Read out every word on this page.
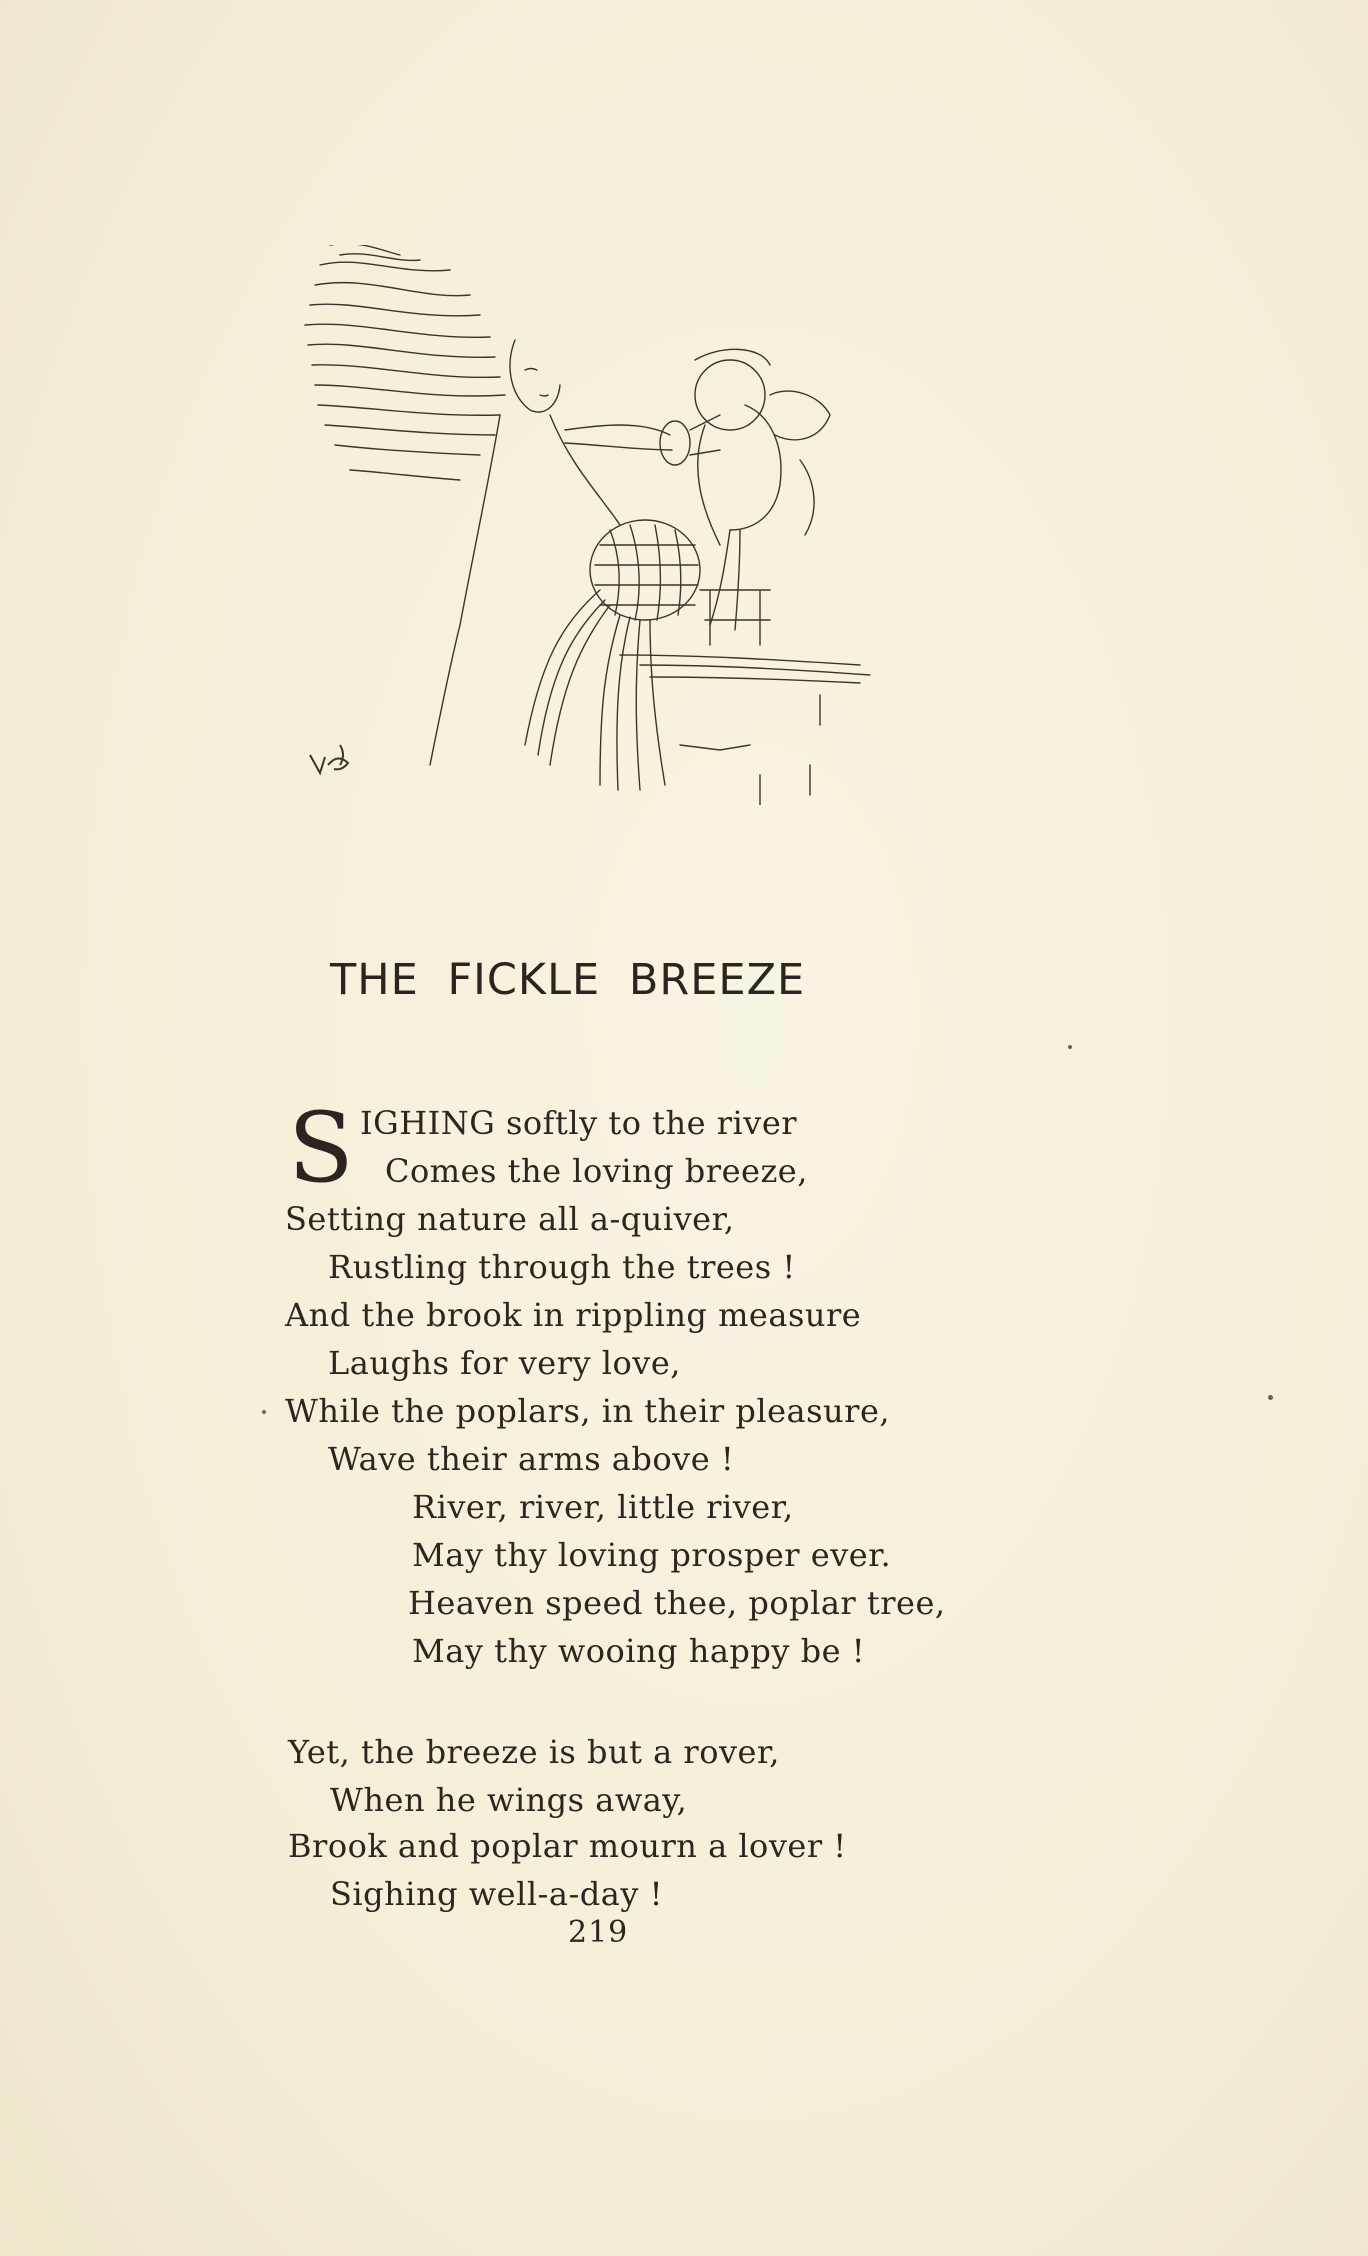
THE FICKLE BREEZE
S IGHING softly to the river
Comes the loving breeze,
Setting nature all a-quiver,
Rustling through the trees !
And the brook in rippling measure
Laughs for very love,
While the poplars, in their pleasure,
Wave their arms above !
River, river, little river,
May thy loving prosper ever.
Heaven speed thee, poplar tree,
May thy wooing happy be !
Yet, the breeze is but a rover,
When he wings away,
Brook and poplar mourn a lover !
Sighing well-a-day !
219
